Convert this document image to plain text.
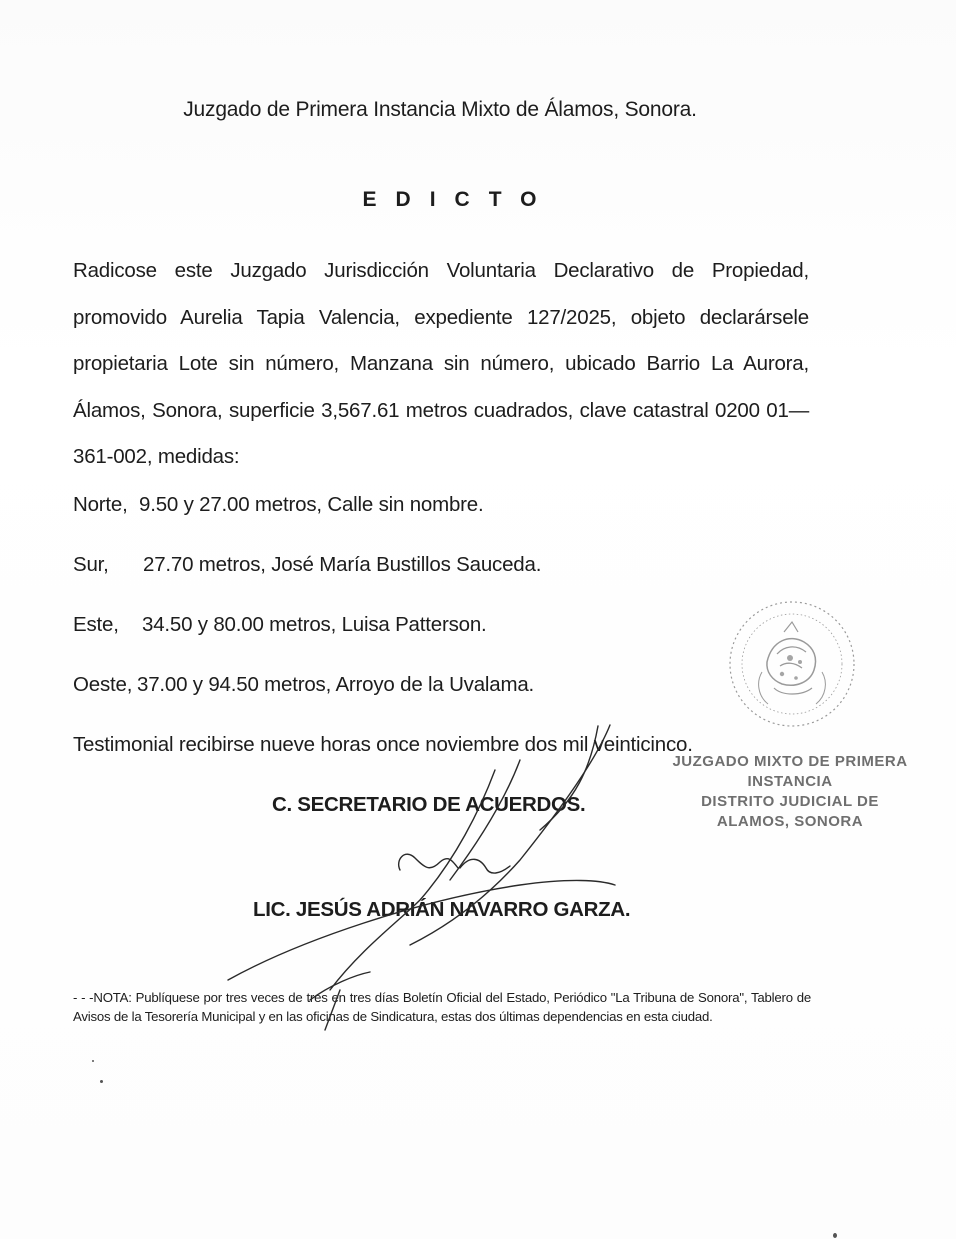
Juzgado de Primera Instancia Mixto de Álamos, Sonora.
EDICTO
Radicose este Juzgado Jurisdicción Voluntaria Declarativo de Propiedad, promovido Aurelia Tapia Valencia, expediente 127/2025, objeto declarársele propietaria Lote sin número, Manzana sin número, ubicado Barrio La Aurora, Álamos, Sonora, superficie 3,567.61 metros cuadrados, clave catastral 0200 01—361-002, medidas:
Norte, 9.50 y 27.00 metros, Calle sin nombre.
Sur, 27.70 metros, José María Bustillos Sauceda.
Este, 34.50 y 80.00 metros, Luisa Patterson.
Oeste, 37.00 y 94.50 metros, Arroyo de la Uvalama.
Testimonial recibirse nueve horas once noviembre dos mil veinticinco.
C. SECRETARIO DE ACUERDOS.
LIC. JESÚS ADRIÁN NAVARRO GARZA.
- - -NOTA: Publíquese por tres veces de tres en tres días Boletín Oficial del Estado, Periódico "La Tribuna de Sonora", Tablero de Avisos de la Tesorería Municipal y en las oficinas de Sindicatura, estas dos últimas dependencias en esta ciudad.
JUZGADO MIXTO DE PRIMERA
INSTANCIA
DISTRITO JUDICIAL DE
ALAMOS, SONORA
